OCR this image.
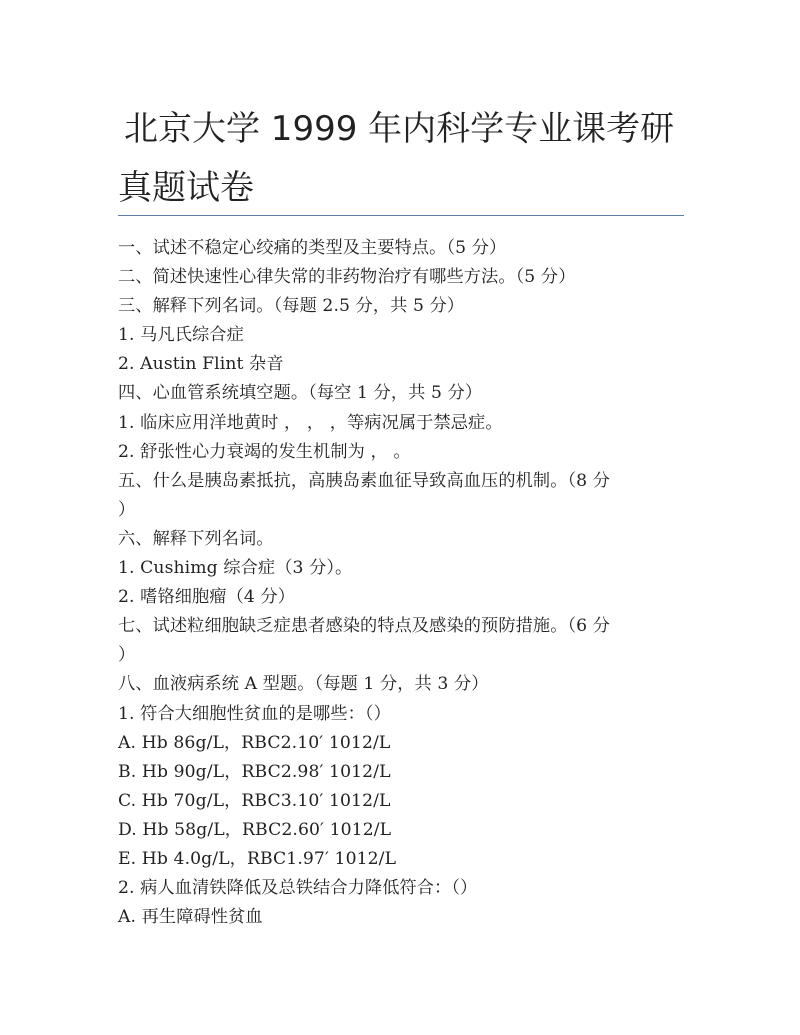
北京大学 1999 年内科学专业课考研
真题试卷
一、试述不稳定心绞痛的类型及主要特点。（5 分）
二、简述快速性心律失常的非药物治疗有哪些方法。（5 分）
三、解释下列名词。（每题 2.5 分，共 5 分）
1. 马凡氏综合症
2. Austin Flint 杂音
四、心血管系统填空题。（每空 1 分，共 5 分）
1. 临床应用洋地黄时 ， ， ，等病况属于禁忌症。
2. 舒张性心力衰竭的发生机制为 ， 。
五、什么是胰岛素抵抗，高胰岛素血征导致高血压的机制。（8 分
）
六、解释下列名词。
1. Cushimg 综合症（3 分）。
2. 嗜铬细胞瘤（4 分）
七、试述粒细胞缺乏症患者感染的特点及感染的预防措施。（6 分
）
八、血液病系统 A 型题。（每题 1 分，共 3 分）
1. 符合大细胞性贫血的是哪些：（）
A. Hb 86g/L，RBC2.10′ 1012/L
B. Hb 90g/L，RBC2.98′ 1012/L
C. Hb 70g/L，RBC3.10′ 1012/L
D. Hb 58g/L，RBC2.60′ 1012/L
E. Hb 4.0g/L，RBC1.97′ 1012/L
2. 病人血清铁降低及总铁结合力降低符合：（）
A. 再生障碍性贫血
